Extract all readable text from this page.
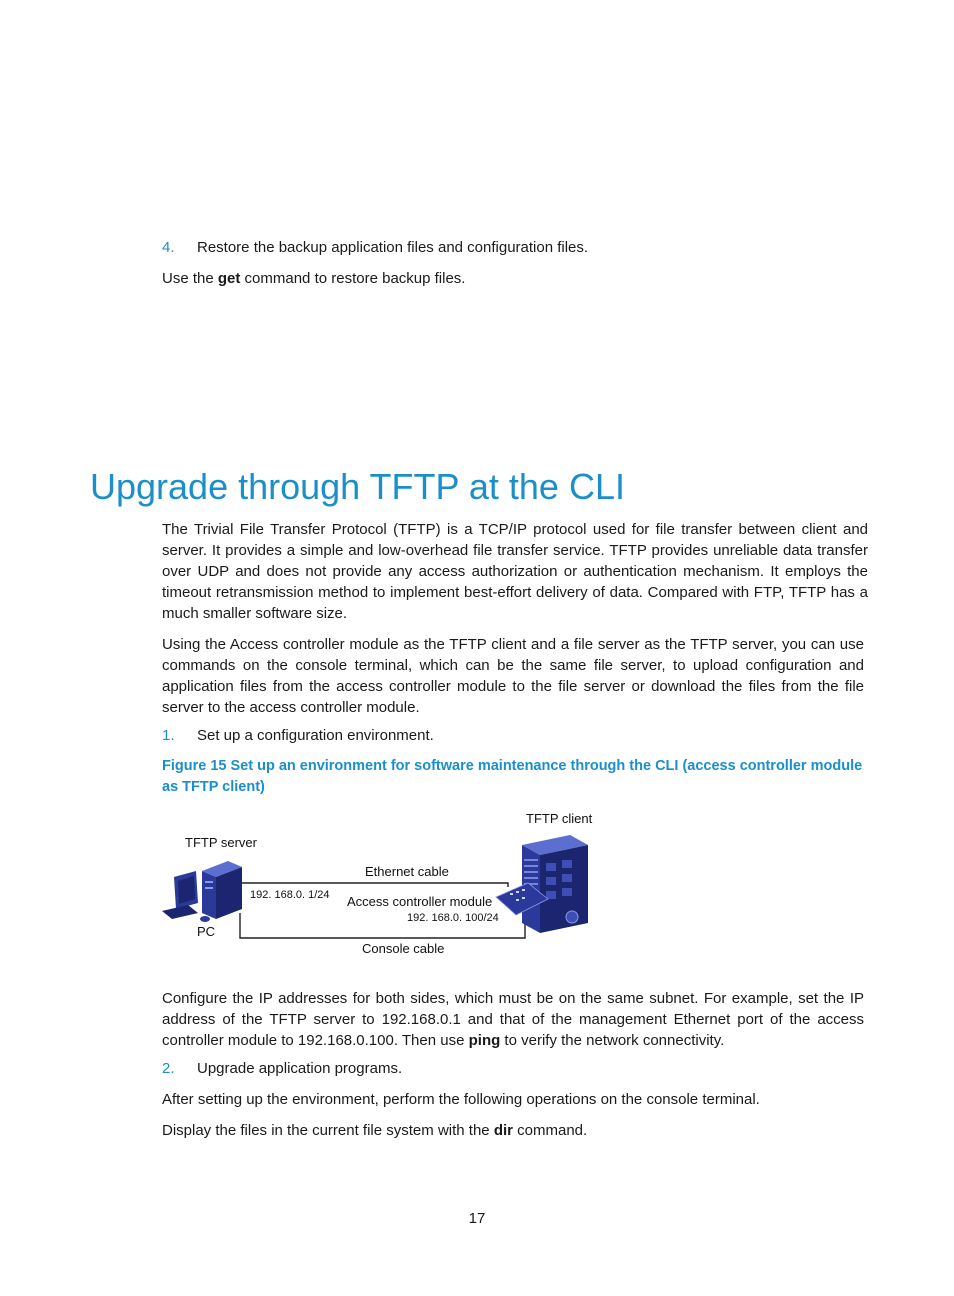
4. Restore the backup application files and configuration files.
Use the get command to restore backup files.
Upgrade through TFTP at the CLI
The Trivial File Transfer Protocol (TFTP) is a TCP/IP protocol used for file transfer between client and server. It provides a simple and low-overhead file transfer service. TFTP provides unreliable data transfer over UDP and does not provide any access authorization or authentication mechanism. It employs the timeout retransmission method to implement best-effort delivery of data. Compared with FTP, TFTP has a much smaller software size.
Using the Access controller module as the TFTP client and a file server as the TFTP server, you can use commands on the console terminal, which can be the same file server, to upload configuration and application files from the access controller module to the file server or download the files from the file server to the access controller module.
1. Set up a configuration environment.
Figure 15 Set up an environment for software maintenance through the CLI (access controller module as TFTP client)
TFTP server
TFTP client
PC
Ethernet cable
Console cable
192. 168.0. 1/24 Access controller module
192. 168.0. 100/24
Configure the IP addresses for both sides, which must be on the same subnet. For example, set the IP address of the TFTP server to 192.168.0.1 and that of the management Ethernet port of the access controller module to 192.168.0.100. Then use ping to verify the network connectivity.
2. Upgrade application programs.
After setting up the environment, perform the following operations on the console terminal.
Display the files in the current file system with the dir command.
17
